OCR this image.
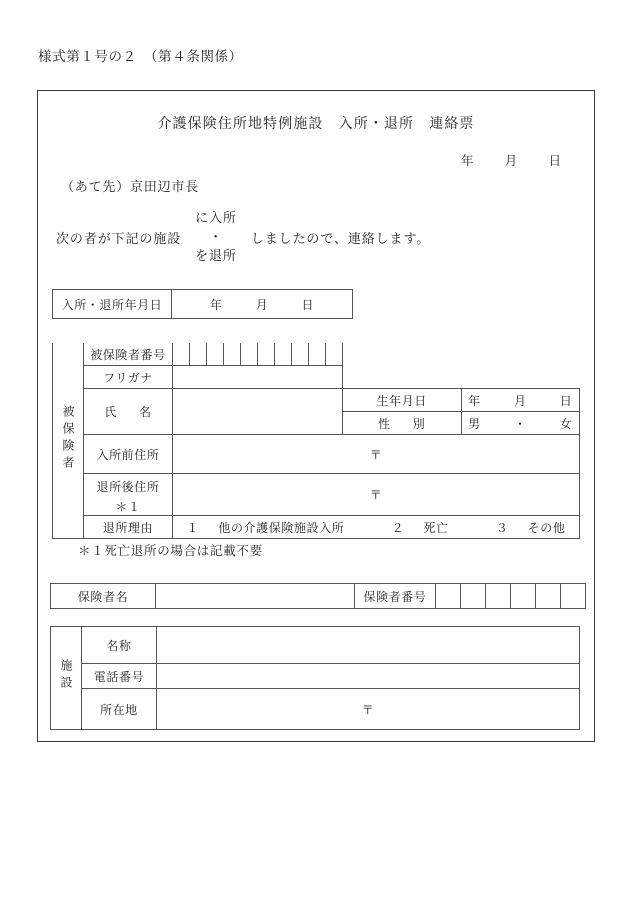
様式第１号の２　（第４条関係）
介護保険住所地特例施設　入所・退所　連絡票
年 月 日
（あて先）京田辺市長
次の者が下記の施設
に入所
・
を退所
しましたので、連絡します。
入所・退所年月日	年	月	日
被保険者	被保険者番号												
	フリガナ												
	氏 名											生年月日	年 月 日
												性 別	男 ・ 女
	入所前住所	〒											
	退所後住所	〒											
	＊１												
	退所理由	１ 他の介護保険施設入所 ２ 死亡 ３ その他											
＊１死亡退所の場合は記載不要
保険者名		保険者番号						
施設	名称	
	電話番号	
	所在地	〒
